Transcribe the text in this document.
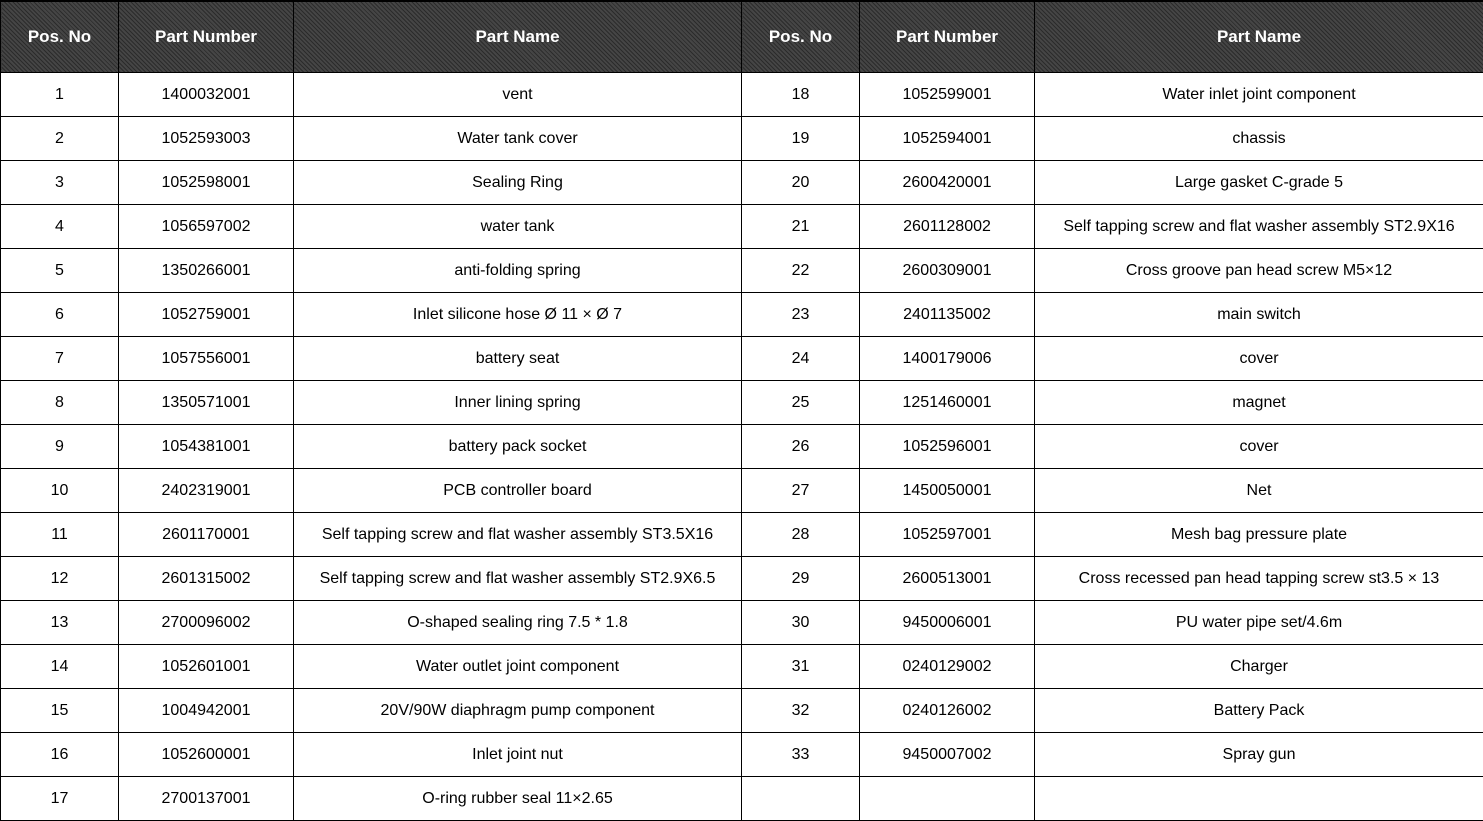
Pos. No	Part Number	Part Name	Pos. No	Part Number	Part Name
1	1400032001	vent	18	1052599001	Water inlet joint component
2	1052593003	Water tank cover	19	1052594001	chassis
3	1052598001	Sealing Ring	20	2600420001	Large gasket C-grade 5
4	1056597002	water tank	21	2601128002	Self tapping screw and flat washer assembly ST2.9X16
5	1350266001	anti-folding spring	22	2600309001	Cross groove pan head screw M5×12
6	1052759001	Inlet silicone hose Ø 11 × Ø 7	23	2401135002	main switch
7	1057556001	battery seat	24	1400179006	cover
8	1350571001	Inner lining spring	25	1251460001	magnet
9	1054381001	battery pack socket	26	1052596001	cover
10	2402319001	PCB controller board	27	1450050001	Net
11	2601170001	Self tapping screw and flat washer assembly ST3.5X16	28	1052597001	Mesh bag pressure plate
12	2601315002	Self tapping screw and flat washer assembly ST2.9X6.5	29	2600513001	Cross recessed pan head tapping screw st3.5 × 13
13	2700096002	O-shaped sealing ring 7.5 * 1.8	30	9450006001	PU water pipe set/4.6m
14	1052601001	Water outlet joint component	31	0240129002	Charger
15	1004942001	20V/90W diaphragm pump component	32	0240126002	Battery Pack
16	1052600001	Inlet joint nut	33	9450007002	Spray gun
17	2700137001	O-ring rubber seal 11×2.65			
